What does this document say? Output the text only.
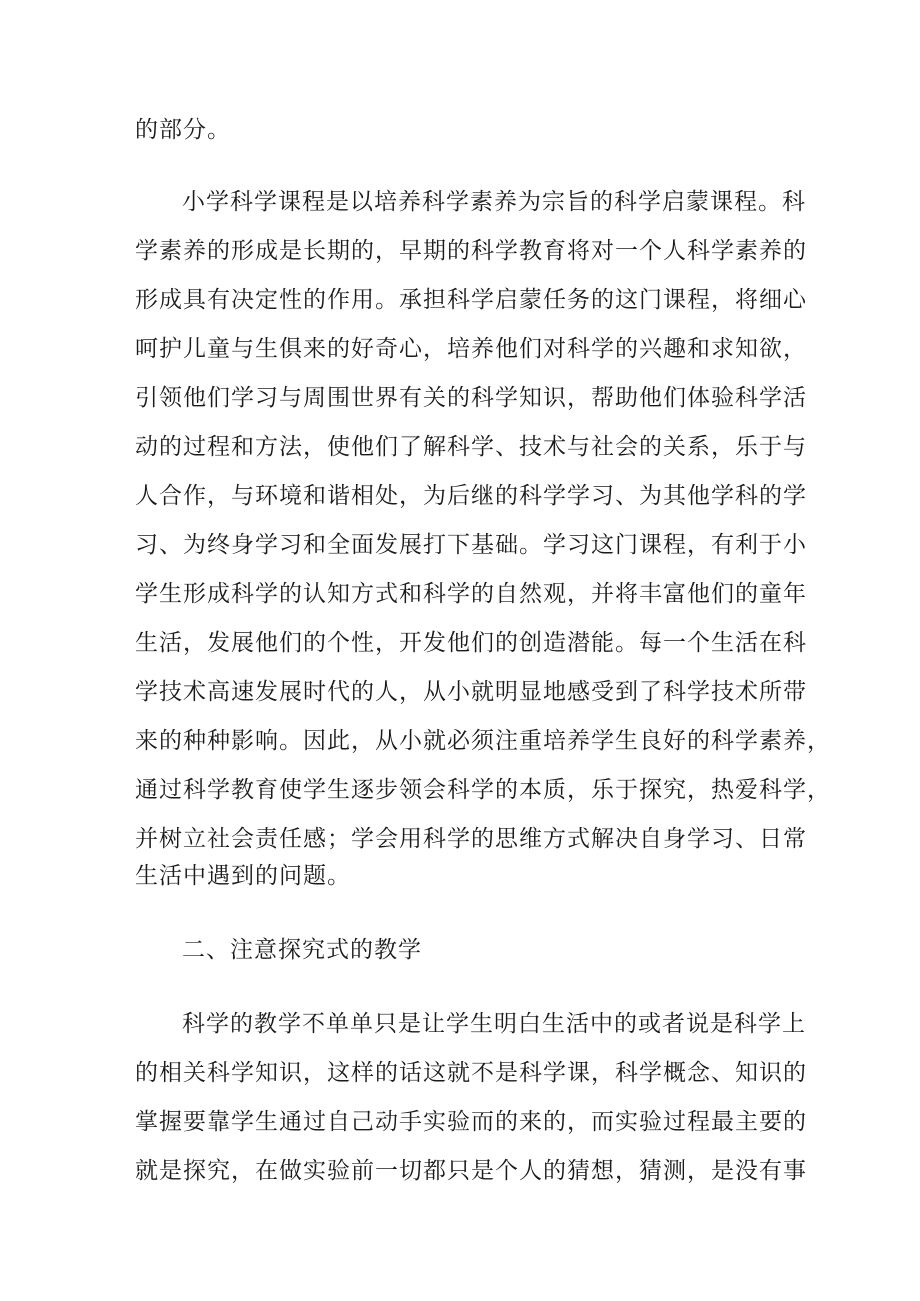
的部分。
小学科学课程是以培养科学素养为宗旨的科学启蒙课程。科
学素养的形成是长期的，早期的科学教育将对一个人科学素养的
形成具有决定性的作用。承担科学启蒙任务的这门课程，将细心
呵护儿童与生俱来的好奇心，培养他们对科学的兴趣和求知欲，
引领他们学习与周围世界有关的科学知识，帮助他们体验科学活
动的过程和方法，使他们了解科学、技术与社会的关系，乐于与
人合作，与环境和谐相处，为后继的科学学习、为其他学科的学
习、为终身学习和全面发展打下基础。学习这门课程，有利于小
学生形成科学的认知方式和科学的自然观，并将丰富他们的童年
生活，发展他们的个性，开发他们的创造潜能。每一个生活在科
学技术高速发展时代的人，从小就明显地感受到了科学技术所带
来的种种影响。因此，从小就必须注重培养学生良好的科学素养，
通过科学教育使学生逐步领会科学的本质，乐于探究，热爱科学，
并树立社会责任感；学会用科学的思维方式解决自身学习、日常
生活中遇到的问题。
二、注意探究式的教学
科学的教学不单单只是让学生明白生活中的或者说是科学上
的相关科学知识，这样的话这就不是科学课，科学概念、知识的
掌握要靠学生通过自己动手实验而的来的，而实验过程最主要的
就是探究，在做实验前一切都只是个人的猜想，猜测，是没有事
